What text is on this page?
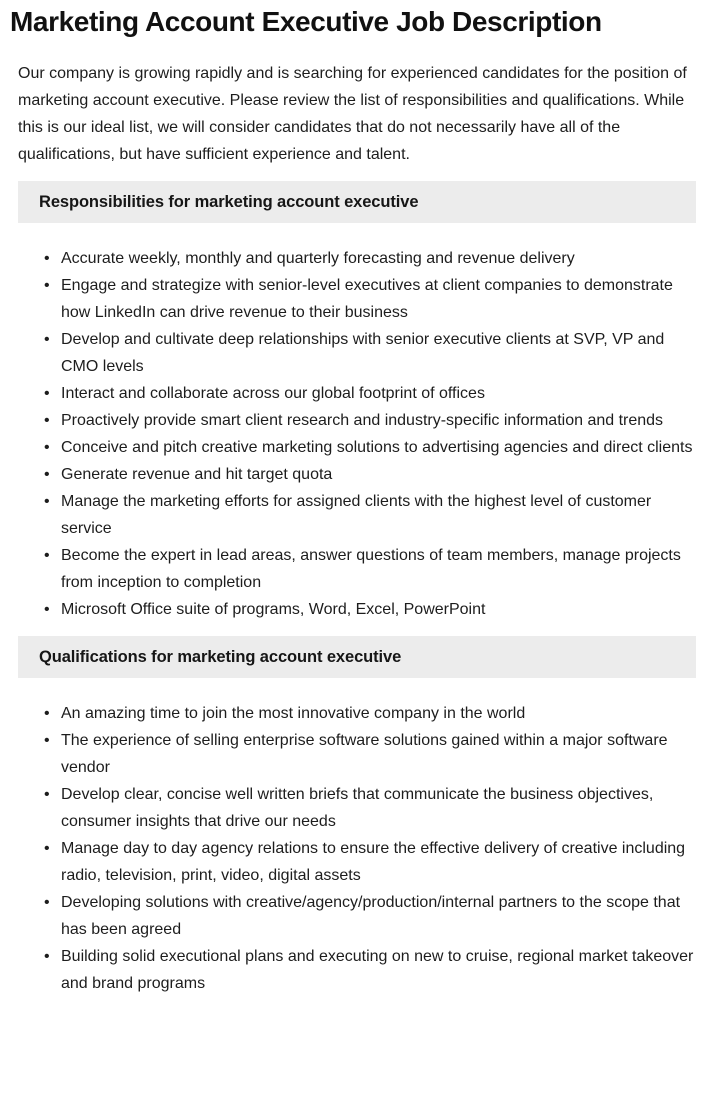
Marketing Account Executive Job Description

Our company is growing rapidly and is searching for experienced candidates for the position of marketing account executive. Please review the list of responsibilities and qualifications. While this is our ideal list, we will consider candidates that do not necessarily have all of the qualifications, but have sufficient experience and talent.

Responsibilities for marketing account executive
• Accurate weekly, monthly and quarterly forecasting and revenue delivery
• Engage and strategize with senior-level executives at client companies to demonstrate how LinkedIn can drive revenue to their business
• Develop and cultivate deep relationships with senior executive clients at SVP, VP and CMO levels
• Interact and collaborate across our global footprint of offices
• Proactively provide smart client research and industry-specific information and trends
• Conceive and pitch creative marketing solutions to advertising agencies and direct clients
• Generate revenue and hit target quota
• Manage the marketing efforts for assigned clients with the highest level of customer service
• Become the expert in lead areas, answer questions of team members, manage projects from inception to completion
• Microsoft Office suite of programs, Word, Excel, PowerPoint
Qualifications for marketing account executive
• An amazing time to join the most innovative company in the world
• The experience of selling enterprise software solutions gained within a major software vendor
• Develop clear, concise well written briefs that communicate the business objectives, consumer insights that drive our needs
• Manage day to day agency relations to ensure the effective delivery of creative including radio, television, print, video, digital assets
• Developing solutions with creative/agency/production/internal partners to the scope that has been agreed
• Building solid executional plans and executing on new to cruise, regional market takeover and brand programs
